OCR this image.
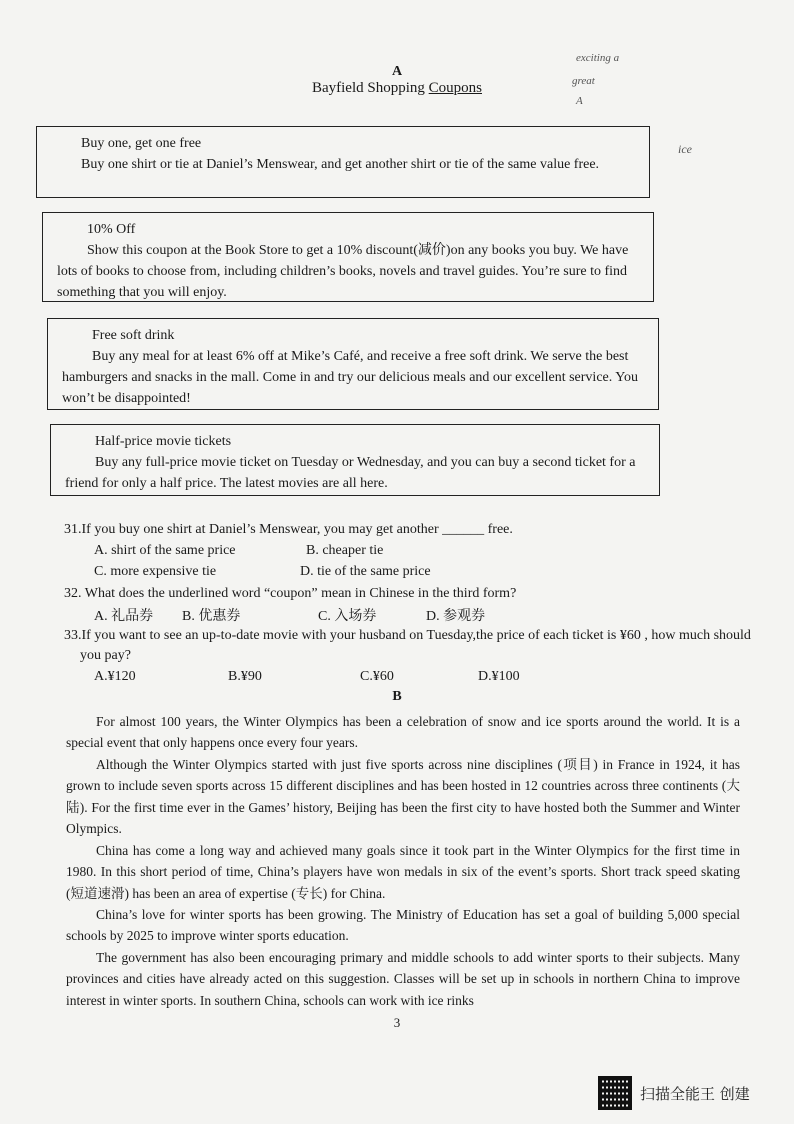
exciting a
great
A
ice
A
Bayfield Shopping Coupons
Buy one, get one free
Buy one shirt or tie at Daniel’s Menswear, and get another shirt or tie of the same value free.
10% Off
Show this coupon at the Book Store to get a 10% discount(减价)on any books you buy. We have lots of books to choose from, including children’s books, novels and travel guides. You’re sure to find something that you will enjoy.
Free soft drink
Buy any meal for at least 6% off at Mike’s Café, and receive a free soft drink. We serve the best hamburgers and snacks in the mall. Come in and try our delicious meals and our excellent service. You won’t be disappointed!
Half-price movie tickets
Buy any full-price movie ticket on Tuesday or Wednesday, and you can buy a second ticket for a friend for only a half price. The latest movies are all here.
31.If you buy one shirt at Daniel’s Menswear, you may get another ______ free.
A. shirt of the same price	B. cheaper tie
C. more expensive tie	D. tie of the same price
32. What does the underlined word “coupon” mean in Chinese in the third form?
A. 礼品券 B. 优惠券	C. 入场券	D. 参观券
33.If you want to see an up-to-date movie with your husband on Tuesday,the price of each ticket is ¥60 , how much should you pay?
A.¥120	B.¥90	C.¥60	D.¥100
B
For almost 100 years, the Winter Olympics has been a celebration of snow and ice sports around the world. It is a special event that only happens once every four years.
Although the Winter Olympics started with just five sports across nine disciplines (项目) in France in 1924, it has grown to include seven sports across 15 different disciplines and has been hosted in 12 countries across three continents (大陆). For the first time ever in the Games’ history, Beijing has been the first city to have hosted both the Summer and Winter Olympics.
China has come a long way and achieved many goals since it took part in the Winter Olympics for the first time in 1980. In this short period of time, China’s players have won medals in six of the event’s sports. Short track speed skating (短道速滑) has been an area of expertise (专长) for China.
China’s love for winter sports has been growing. The Ministry of Education has set a goal of building 5,000 special schools by 2025 to improve winter sports education.
The government has also been encouraging primary and middle schools to add winter sports to their subjects. Many provinces and cities have already acted on this suggestion. Classes will be set up in schools in northern China to improve interest in winter sports. In southern China, schools can work with ice rinks
3
扫描全能王 创建
